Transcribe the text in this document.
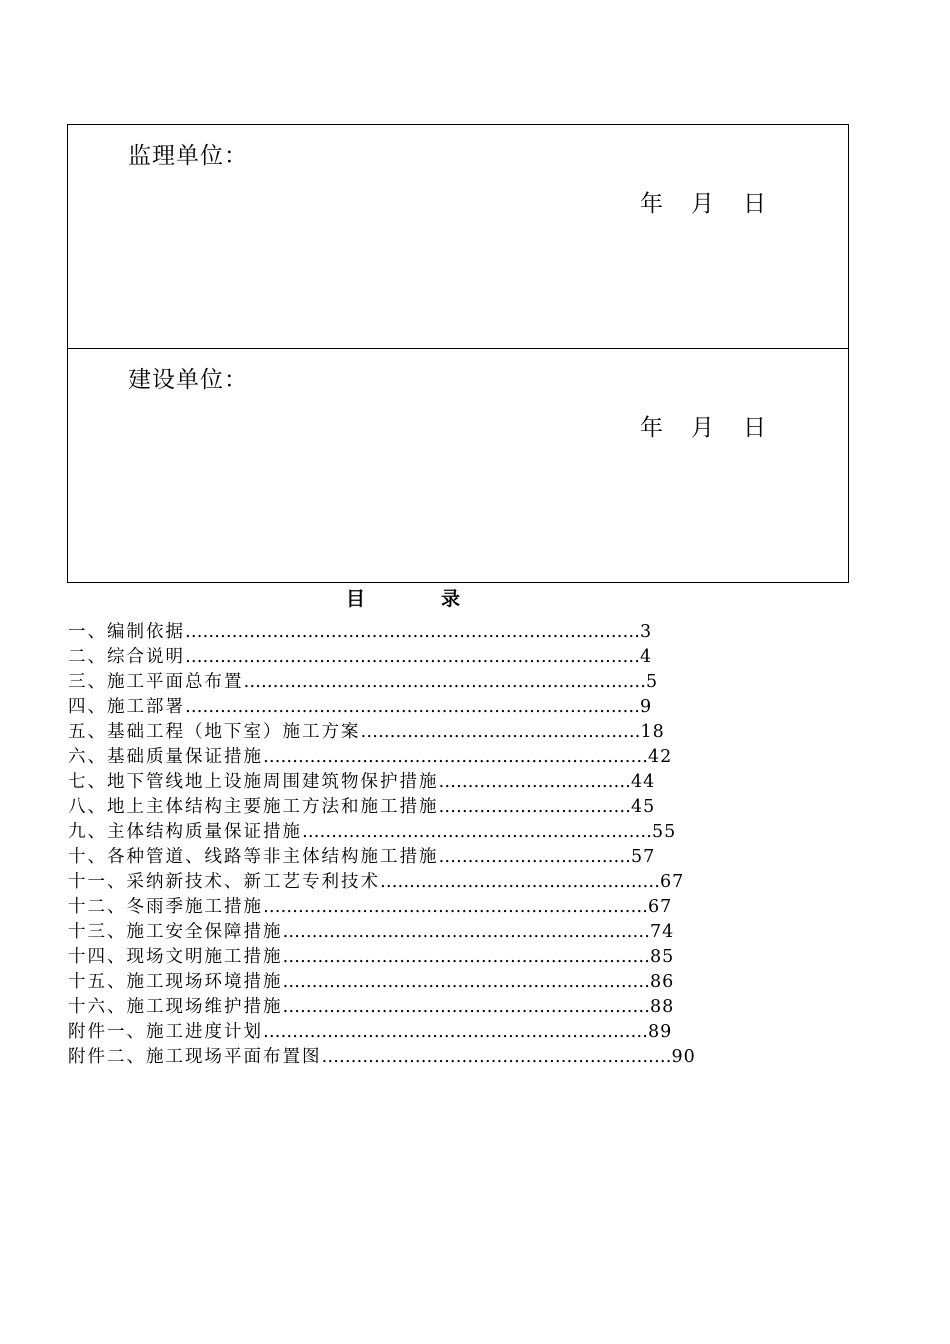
监理单位：
年 月 日
建设单位：
年 月 日
目	录
一、编制依据……………………………………………………………………3
二、综合说明……………………………………………………………………4
三、施工平面总布置……………………………………………………………5
四、施工部署……………………………………………………………………9
五、基础工程（地下室）施工方案…………………………………………18
六、基础质量保证措施…………………………………………………………42
七、地下管线地上设施周围建筑物保护措施……………………………44
八、地上主体结构主要施工方法和施工措施……………………………45
九、主体结构质量保证措施……………………………………………………55
十、各种管道、线路等非主体结构施工措施……………………………57
十一、采纳新技术、新工艺专利技术…………………………………………67
十二、冬雨季施工措施…………………………………………………………67
十三、施工安全保障措施………………………………………………………74
十四、现场文明施工措施………………………………………………………85
十五、施工现场环境措施………………………………………………………86
十六、施工现场维护措施………………………………………………………88
附件一、施工进度计划…………………………………………………………89
附件二、施工现场平面布置图……………………………………………………90
